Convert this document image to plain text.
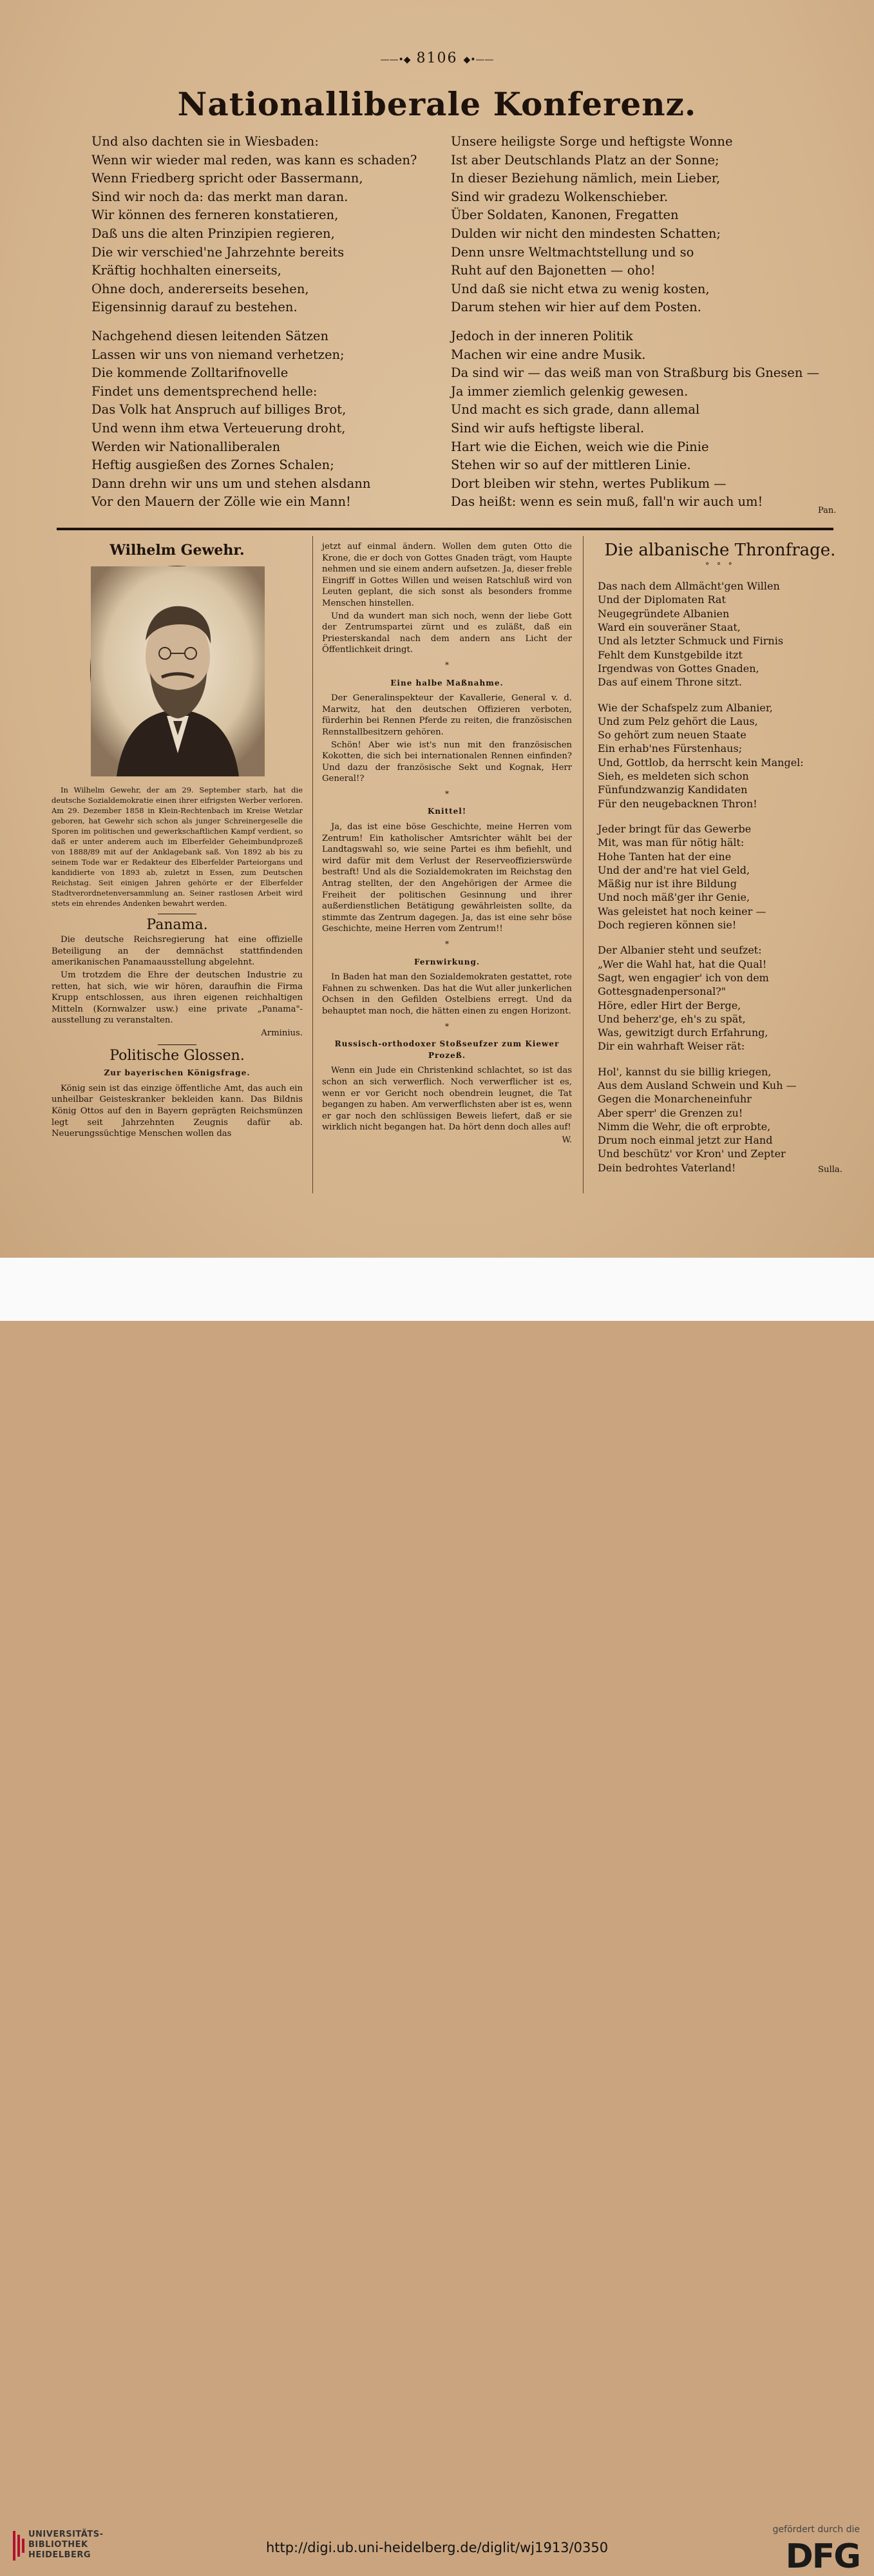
——•◆ 8106 ◆•——
Nationalliberale Konferenz.
Und also dachten sie in Wiesbaden:
Wenn wir wieder mal reden, was kann es schaden?
Wenn Friedberg spricht oder Bassermann,
Sind wir noch da: das merkt man daran.
Wir können des ferneren konstatieren,
Daß uns die alten Prinzipien regieren,
Die wir verschied'ne Jahrzehnte bereits
Kräftig hochhalten einerseits,
Ohne doch, andererseits besehen,
Eigensinnig darauf zu bestehen.
Nachgehend diesen leitenden Sätzen
Lassen wir uns von niemand verhetzen;
Die kommende Zolltarifnovelle
Findet uns dementsprechend helle:
Das Volk hat Anspruch auf billiges Brot,
Und wenn ihm etwa Verteuerung droht,
Werden wir Nationalliberalen
Heftig ausgießen des Zornes Schalen;
Dann drehn wir uns um und stehen alsdann
Vor den Mauern der Zölle wie ein Mann!
Unsere heiligste Sorge und heftigste Wonne
Ist aber Deutschlands Platz an der Sonne;
In dieser Beziehung nämlich, mein Lieber,
Sind wir gradezu Wolkenschieber.
Über Soldaten, Kanonen, Fregatten
Dulden wir nicht den mindesten Schatten;
Denn unsre Weltmachtstellung und so
Ruht auf den Bajonetten — oho!
Und daß sie nicht etwa zu wenig kosten,
Darum stehen wir hier auf dem Posten.
Jedoch in der inneren Politik
Machen wir eine andre Musik.
Da sind wir — das weiß man von Straßburg bis Gnesen —
Ja immer ziemlich gelenkig gewesen.
Und macht es sich grade, dann allemal
Sind wir aufs heftigste liberal.
Hart wie die Eichen, weich wie die Pinie
Stehen wir so auf der mittleren Linie.
Dort bleiben wir stehn, wertes Publikum —
Das heißt: wenn es sein muß, fall'n wir auch um!
Pan.
Wilhelm Gewehr.

In Wilhelm Gewehr, der am 29. September starb, hat die deutsche Sozialdemokratie einen ihrer eifrigsten Werber verloren. Am 29. Dezember 1858 in Klein-Rechtenbach im Kreise Wetzlar geboren, hat Gewehr sich schon als junger Schreinergeselle die Sporen im politischen und gewerkschaftlichen Kampf verdient, so daß er unter anderem auch im Elberfelder Geheimbundprozeß von 1888/89 mit auf der Anklagebank saß. Von 1892 ab bis zu seinem Tode war er Redakteur des Elberfelder Parteiorgans und kandidierte von 1893 ab, zuletzt in Essen, zum Deutschen Reichstag. Seit einigen Jahren gehörte er der Elberfelder Stadtverordnetenversammlung an. Seiner rastlosen Arbeit wird stets ein ehrendes Andenken bewahrt werden.

Panama.

Die deutsche Reichsregierung hat eine offizielle Beteiligung an der demnächst stattfindenden amerikanischen Panamaausstellung abgelehnt.

Um trotzdem die Ehre der deutschen Industrie zu retten, hat sich, wie wir hören, daraufhin die Firma Krupp entschlossen, aus ihren eigenen reichhaltigen Mitteln (Kornwalzer usw.) eine private „Panama"-ausstellung zu veranstalten.

Arminius.
Politische Glossen.
Zur bayerischen Königsfrage.

König sein ist das einzige öffentliche Amt, das auch ein unheilbar Geisteskranker bekleiden kann. Das Bildnis König Ottos auf den in Bayern geprägten Reichsmünzen legt seit Jahrzehnten Zeugnis dafür ab. Neuerungssüchtige Menschen wollen das

jetzt auf einmal ändern. Wollen dem guten Otto die Krone, die er doch von Gottes Gnaden trägt, vom Haupte nehmen und sie einem andern aufsetzen. Ja, dieser freble Eingriff in Gottes Willen und weisen Ratschluß wird von Leuten geplant, die sich sonst als besonders fromme Menschen hinstellen.

Und da wundert man sich noch, wenn der liebe Gott der Zentrumspartei zürnt und es zuläßt, daß ein Priesterskandal nach dem andern ans Licht der Öffentlichkeit dringt.

*
Eine halbe Maßnahme.

Der Generalinspekteur der Kavallerie, General v. d. Marwitz, hat den deutschen Offizieren verboten, fürderhin bei Rennen Pferde zu reiten, die französischen Rennstallbesitzern gehören.

Schön! Aber wie ist's nun mit den französischen Kokotten, die sich bei internationalen Rennen einfinden? Und dazu der französische Sekt und Kognak, Herr General!?

*
Knittel!

Ja, das ist eine böse Geschichte, meine Herren vom Zentrum! Ein katholischer Amtsrichter wählt bei der Landtagswahl so, wie seine Partei es ihm befiehlt, und wird dafür mit dem Verlust der Reserveoffizierswürde bestraft! Und als die Sozialdemokraten im Reichstag den Antrag stellten, der den Angehörigen der Armee die Freiheit der politischen Gesinnung und ihrer außerdienstlichen Betätigung gewährleisten sollte, da stimmte das Zentrum dagegen. Ja, das ist eine sehr böse Geschichte, meine Herren vom Zentrum!!

*
Fernwirkung.

In Baden hat man den Sozialdemokraten gestattet, rote Fahnen zu schwenken. Das hat die Wut aller junkerlichen Ochsen in den Gefilden Ostelbiens erregt. Und da behauptet man noch, die hätten einen zu engen Horizont.

*
Russisch-orthodoxer Stoßseufzer zum Kiewer Prozeß.

Wenn ein Jude ein Christenkind schlachtet, so ist das schon an sich verwerflich. Noch verwerflicher ist es, wenn er vor Gericht noch obendrein leugnet, die Tat begangen zu haben. Am verwerflichsten aber ist es, wenn er gar noch den schlüssigen Beweis liefert, daß er sie wirklich nicht begangen hat. Da hört denn doch alles auf!

W.
Die albanische Thronfrage.
° ° °
Das nach dem Allmächt'gen Willen
Und der Diplomaten Rat
Neugegründete Albanien
Ward ein souveräner Staat,
Und als letzter Schmuck und Firnis
Fehlt dem Kunstgebilde itzt
Irgendwas von Gottes Gnaden,
Das auf einem Throne sitzt.
Wie der Schafspelz zum Albanier,
Und zum Pelz gehört die Laus,
So gehört zum neuen Staate
Ein erhab'nes Fürstenhaus;
Und, Gottlob, da herrscht kein Mangel:
Sieh, es meldeten sich schon
Fünfundzwanzig Kandidaten
Für den neugebacknen Thron!
Jeder bringt für das Gewerbe
Mit, was man für nötig hält:
Hohe Tanten hat der eine
Und der and're hat viel Geld,
Mäßig nur ist ihre Bildung
Und noch mäß'ger ihr Genie,
Was geleistet hat noch keiner —
Doch regieren können sie!
Der Albanier steht und seufzet:
„Wer die Wahl hat, hat die Qual!
Sagt, wen engagier' ich von dem
Gottesgnadenpersonal?"
Höre, edler Hirt der Berge,
Und beherz'ge, eh's zu spät,
Was, gewitzigt durch Erfahrung,
Dir ein wahrhaft Weiser rät:
Hol', kannst du sie billig kriegen,
Aus dem Ausland Schwein und Kuh —
Gegen die Monarcheneinfuhr
Aber sperr' die Grenzen zu!
Nimm die Wehr, die oft erprobte,
Drum noch einmal jetzt zur Hand
Und beschütz' vor Kron' und Zepter
Dein bedrohtes Vaterland!	Sulla.
UNIVERSITÄTS-
BIBLIOTHEK
HEIDELBERG	http://digi.ub.uni-heidelberg.de/diglit/wj1913/0350
gefördert durch die
DFG
